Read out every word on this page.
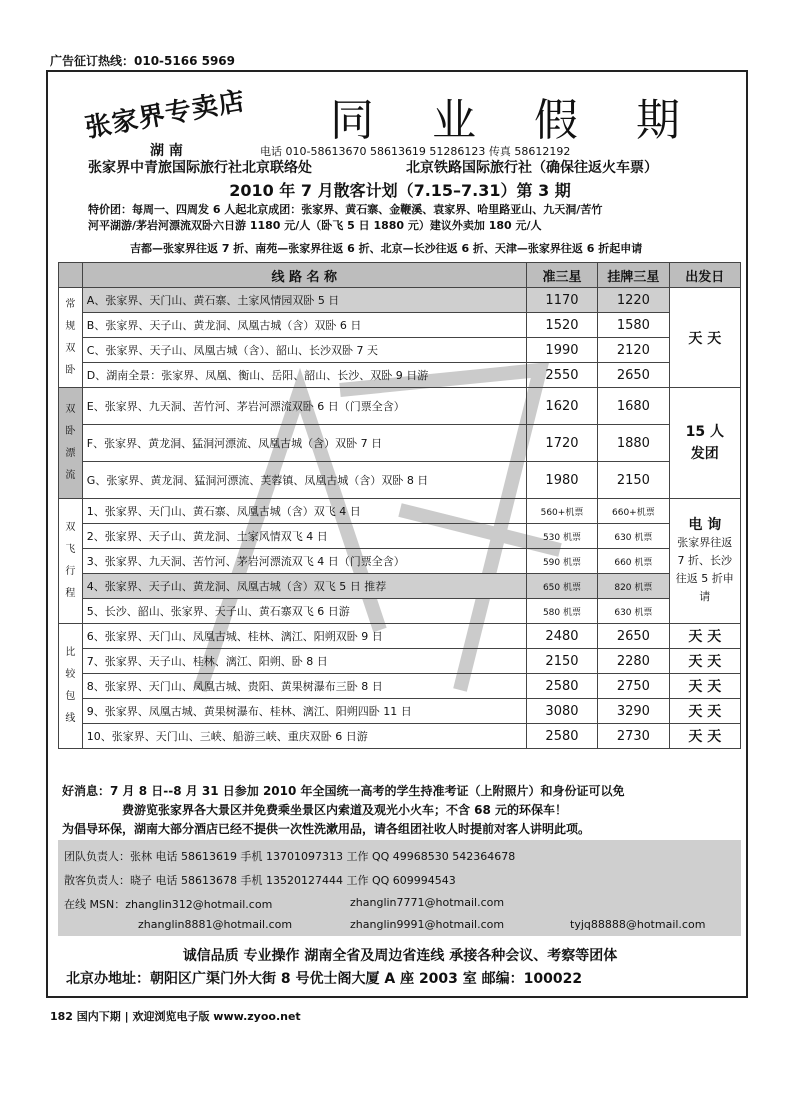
广告征订热线：010-5166 5969
张家界专卖店 同 业 假 期
湖 南	电话 010-58613670 58613619 51286123 传真 58612192
张家界中青旅国际旅行社北京联络处	北京铁路国际旅行社（确保往返火车票）
2010 年 7 月散客计划（7.15–7.31）第 3 期
特价团：每周一、四周发 6 人起北京成团：张家界、黄石寨、金鞭溪、袁家界、哈里路亚山、九天洞/苦竹
河平湖游/茅岩河漂流双卧六日游 1180 元/人（卧飞 5 日 1880 元）建议外卖加 180 元/人
吉都—张家界往返 7 折、南苑—张家界往返 6 折、北京—长沙往返 6 折、天津—张家界往返 6 折起申请
	线 路 名 称	准三星	挂牌三星	出发日
常规双卧	A、张家界、天门山、黄石寨、土家风情园双卧 5 日	1170	1220	天 天
	B、张家界、天子山、黄龙洞、凤凰古城（含）双卧 6 日	1520	1580	
	C、张家界、天子山、凤凰古城（含）、韶山、长沙双卧 7 天	1990	2120	
	D、湖南全景：张家界、凤凰、衡山、岳阳、韶山、长沙、双卧 9 日游	2550	2650	
双卧漂流	E、张家界、九天洞、苦竹河、茅岩河漂流双卧 6 日（门票全含）	1620	1680	15 人
发团

	F、张家界、黄龙洞、猛洞河漂流、凤凰古城（含）双卧 7 日	1720	1880	
	G、张家界、黄龙洞、猛洞河漂流、芙蓉镇、凤凰古城（含）双卧 8 日	1980	2150	
双飞行程	1、张家界、天门山、黄石寨、凤凰古城（含）双飞 4 日	560+机票	660+机票	电 询
张家界往返 7 折、长沙往返 5 折申请

	2、张家界、天子山、黄龙洞、土家风情双飞 4 日	530 机票	630 机票	
	3、张家界、九天洞、苦竹河、茅岩河漂流双飞 4 日（门票全含）	590 机票	660 机票	
	4、张家界、天子山、黄龙洞、凤凰古城（含）双飞 5 日 推荐	650 机票	820 机票	
	5、长沙、韶山、张家界、天子山、黄石寨双飞 6 日游	580 机票	630 机票	
比较包线	6、张家界、天门山、凤凰古城、桂林、漓江、阳朔双卧 9 日	2480	2650	天 天
	7、张家界、天子山、桂林、漓江、阳朔、卧 8 日	2150	2280	天 天
	8、张家界、天门山、凤凰古城、贵阳、黄果树瀑布三卧 8 日	2580	2750	天 天
	9、张家界、凤凰古城、黄果树瀑布、桂林、漓江、阳朔四卧 11 日	3080	3290	天 天
	10、张家界、天门山、三峡、船游三峡、重庆双卧 6 日游	2580	2730	天 天
好消息：7 月 8 日--8 月 31 日参加 2010 年全国统一高考的学生持准考证（上附照片）和身份证可以免
费游览张家界各大景区并免费乘坐景区内索道及观光小火车；不含 68 元的环保车！
为倡导环保，湖南大部分酒店已经不提供一次性洗漱用品，请各组团社收人时提前对客人讲明此项。
团队负责人：张林 电话 58613619 手机 13701097313 工作 QQ 49968530 542364678
散客负责人：晓子 电话 58613678 手机 13520127444 工作 QQ 609994543
在线 MSN：zhanglin312@hotmail.com	zhanglin7771@hotmail.com
zhanglin8881@hotmail.com	zhanglin9991@hotmail.com	tyjq88888@hotmail.com
诚信品质 专业操作 湖南全省及周边省连线 承接各种会议、考察等团体
北京办地址：朝阳区广渠门外大街 8 号优士阁大厦 A 座 2003 室 邮编：100022
182 国内下期 | 欢迎浏览电子版 www.zyoo.net
